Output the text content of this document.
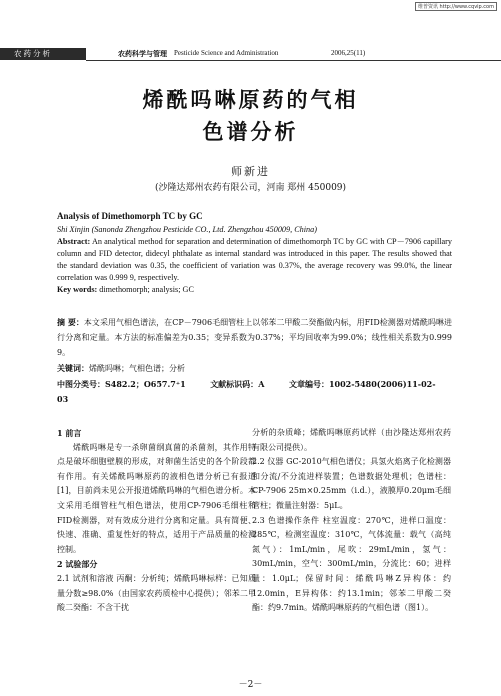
维普资讯 http://www.cqvip.com
农药分析	农药科学与管理 Pesticide Science and Administration	2006,25(11)
烯酰吗啉原药的气相
色谱分析
师新进
(沙隆达郑州农药有限公司，河南 郑州 450009)
Analysis of Dimethomorph TC by GC
Shi Xinjin (Sanonda Zhengzhou Pesticide CO., Ltd. Zhengzhou 450009, China)
Abstract: An analytical method for separation and determination of dimethomorph TC by GC with CP－7906 capillary column and FID detector, didecyl phthalate as internal standard was introduced in this paper. The results showed that the standard deviation was 0.35, the coefficient of variation was 0.37%, the average recovery was 99.0%, the linear correlation was 0.999 9, respectively.
Key words: dimethomorph; analysis; GC
摘 要：本文采用气相色谱法，在CP－7906毛细管柱上以邻苯二甲酸二癸酯做内标，用FID检测器对烯酰吗啉进行分离和定量。本方法的标准偏差为0.35；变异系数为0.37%；平均回收率为99.0%；线性相关系数为0.999 9。
关键词：烯酰吗啉；气相色谱；分析
中图分类号：S482.2；O657.7⁺1	文献标识码：A	文章编号：1002-5480(2006)11-02-03
1 前言
烯酰吗啉是专一杀卵菌纲真菌的杀菌剂，其作用特点是破坏细胞壁膜的形成，对卵菌生活史的各个阶段都有作用。有关烯酰吗啉原药的液相色谱分析已有报道[1]，目前尚未见公开报道烯酰吗啉的气相色谱分析。本文采用毛细管柱气相色谱法，使用CP-7906毛细柱和FID检测器，对有效成分进行分离和定量。具有简便、快速、准确、重复性好的特点，适用于产品质量的检测控制。
2 试验部分
2.1 试剂和溶液 丙酮：分析纯；烯酰吗啉标样：已知质量分数≥98.0%（由国家农药质检中心提供）；邻苯二甲酸二癸酯：不含干扰
分析的杂质峰；烯酰吗啉原药试样（由沙隆达郑州农药有限公司提供）。
2.2 仪器 GC-2010气相色谱仪；具氢火焰离子化检测器和分流/不分流进样装置；色谱数据处理机；色谱柱：CP-7906 25m×0.25mm（i.d.），液膜厚0.20μm毛细管柱；微量注射器：5μL。
2.3 色谱操作条件 柱室温度：270℃，进样口温度：285℃，检测室温度：310℃，气体流量：载气（高纯氮气）：1mL/min，尾吹：29mL/min，氢气：30mL/min，空气：300mL/min，分流比：60；进样量：1.0μL；保留时间：烯酰吗啉Z异构体：约12.0min，E异构体：约13.1min；邻苯二甲酸二癸酯：约9.7min。烯酰吗啉原药的气相色谱（图1）。
－2－
